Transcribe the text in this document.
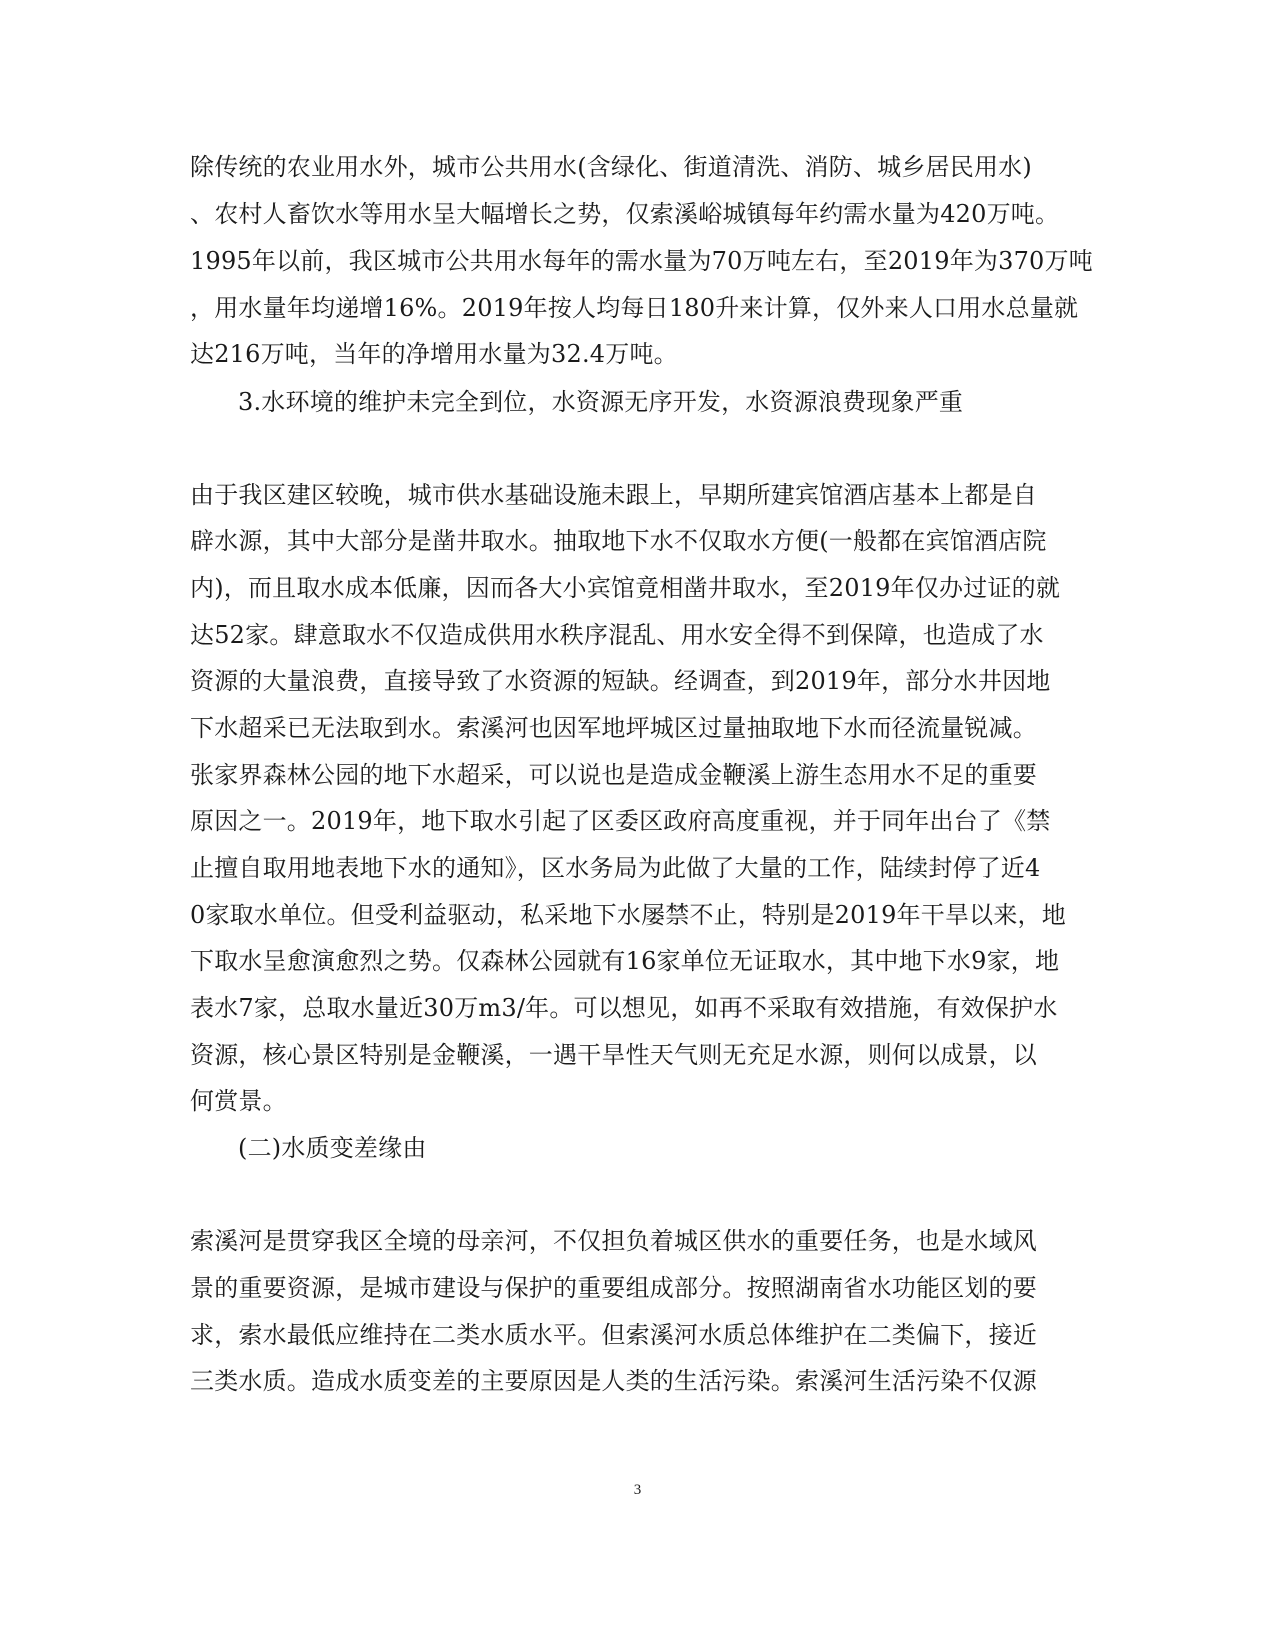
除传统的农业用水外，城市公共用水(含绿化、街道清洗、消防、城乡居民用水)
、农村人畜饮水等用水呈大幅增长之势，仅索溪峪城镇每年约需水量为420万吨。
1995年以前，我区城市公共用水每年的需水量为70万吨左右，至2019年为370万吨
，用水量年均递增16%。2019年按人均每日180升来计算，仅外来人口用水总量就
达216万吨，当年的净增用水量为32.4万吨。
3.水环境的维护未完全到位，水资源无序开发，水资源浪费现象严重
由于我区建区较晚，城市供水基础设施未跟上，早期所建宾馆酒店基本上都是自
辟水源，其中大部分是凿井取水。抽取地下水不仅取水方便(一般都在宾馆酒店院
内)，而且取水成本低廉，因而各大小宾馆竟相凿井取水，至2019年仅办过证的就
达52家。肆意取水不仅造成供用水秩序混乱、用水安全得不到保障，也造成了水
资源的大量浪费，直接导致了水资源的短缺。经调查，到2019年，部分水井因地
下水超采已无法取到水。索溪河也因军地坪城区过量抽取地下水而径流量锐减。
张家界森林公园的地下水超采，可以说也是造成金鞭溪上游生态用水不足的重要
原因之一。2019年，地下取水引起了区委区政府高度重视，并于同年出台了《禁
止擅自取用地表地下水的通知》，区水务局为此做了大量的工作，陆续封停了近4
0家取水单位。但受利益驱动，私采地下水屡禁不止，特别是2019年干旱以来，地
下取水呈愈演愈烈之势。仅森林公园就有16家单位无证取水，其中地下水9家，地
表水7家，总取水量近30万m3/年。可以想见，如再不采取有效措施，有效保护水
资源，核心景区特别是金鞭溪，一遇干旱性天气则无充足水源，则何以成景，以
何赏景。
(二)水质变差缘由
索溪河是贯穿我区全境的母亲河，不仅担负着城区供水的重要任务，也是水域风
景的重要资源，是城市建设与保护的重要组成部分。按照湖南省水功能区划的要
求，索水最低应维持在二类水质水平。但索溪河水质总体维护在二类偏下，接近
三类水质。造成水质变差的主要原因是人类的生活污染。索溪河生活污染不仅源
3
